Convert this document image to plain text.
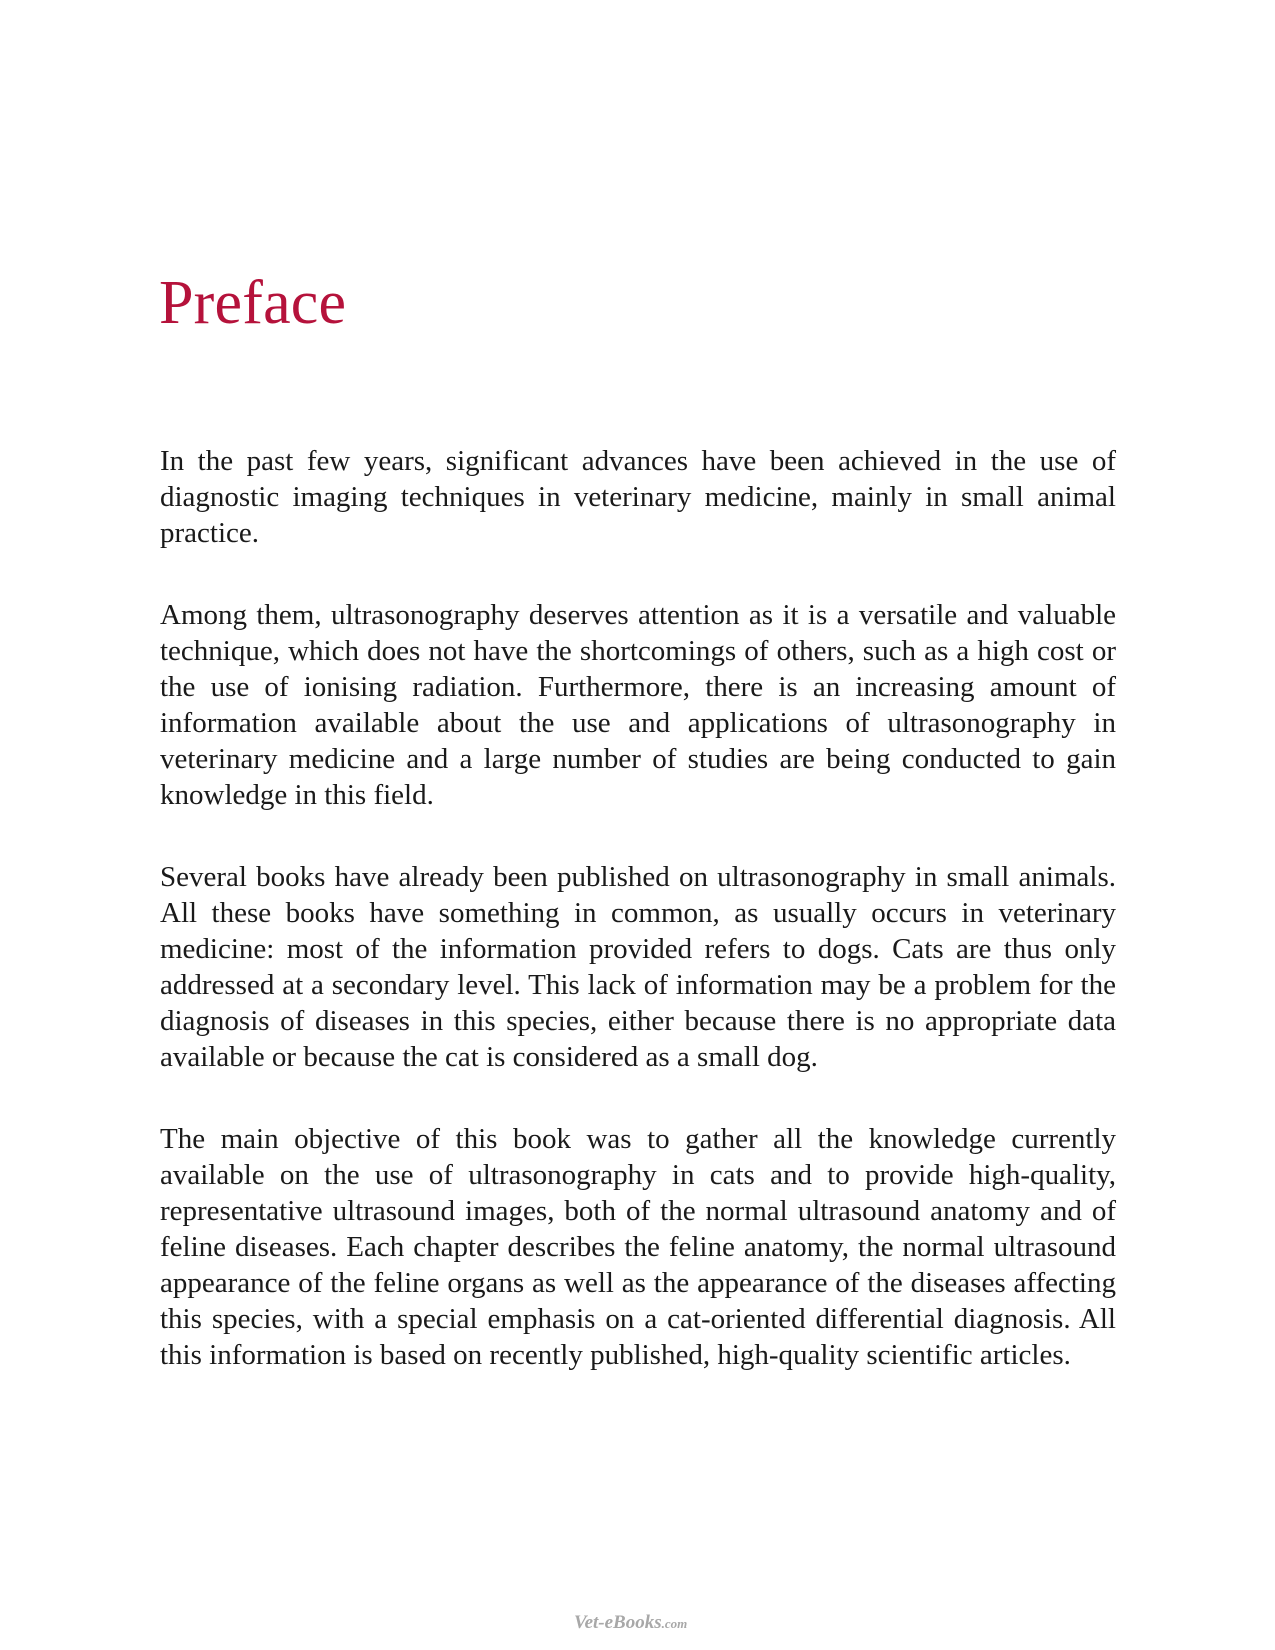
Preface

In the past few years, significant advances have been achieved in the use of diagnostic imaging techniques in veterinary medicine, mainly in small animal practice.

Among them, ultrasonography deserves attention as it is a versatile and valuable technique, which does not have the shortcomings of others, such as a high cost or the use of ionising radiation. Furthermore, there is an increasing amount of information available about the use and applications of ultrasonography in veterinary medicine and a large number of studies are being conducted to gain knowledge in this field.

Several books have already been published on ultrasonography in small animals. All these books have something in common, as usually occurs in veterinary medicine: most of the information provided refers to dogs. Cats are thus only addressed at a secondary level. This lack of information may be a problem for the diagnosis of diseases in this species, either because there is no appropriate data available or because the cat is considered as a small dog.

The main objective of this book was to gather all the knowledge currently available on the use of ultrasonography in cats and to provide high-quality, representative ultrasound images, both of the normal ultrasound anatomy and of feline diseases. Each chapter describes the feline anatomy, the normal ultrasound appearance of the feline organs as well as the appearance of the diseases affecting this species, with a special emphasis on a cat-oriented differential diagnosis. All this information is based on recently published, high-quality scientific articles.

Vet-eBooks.com
